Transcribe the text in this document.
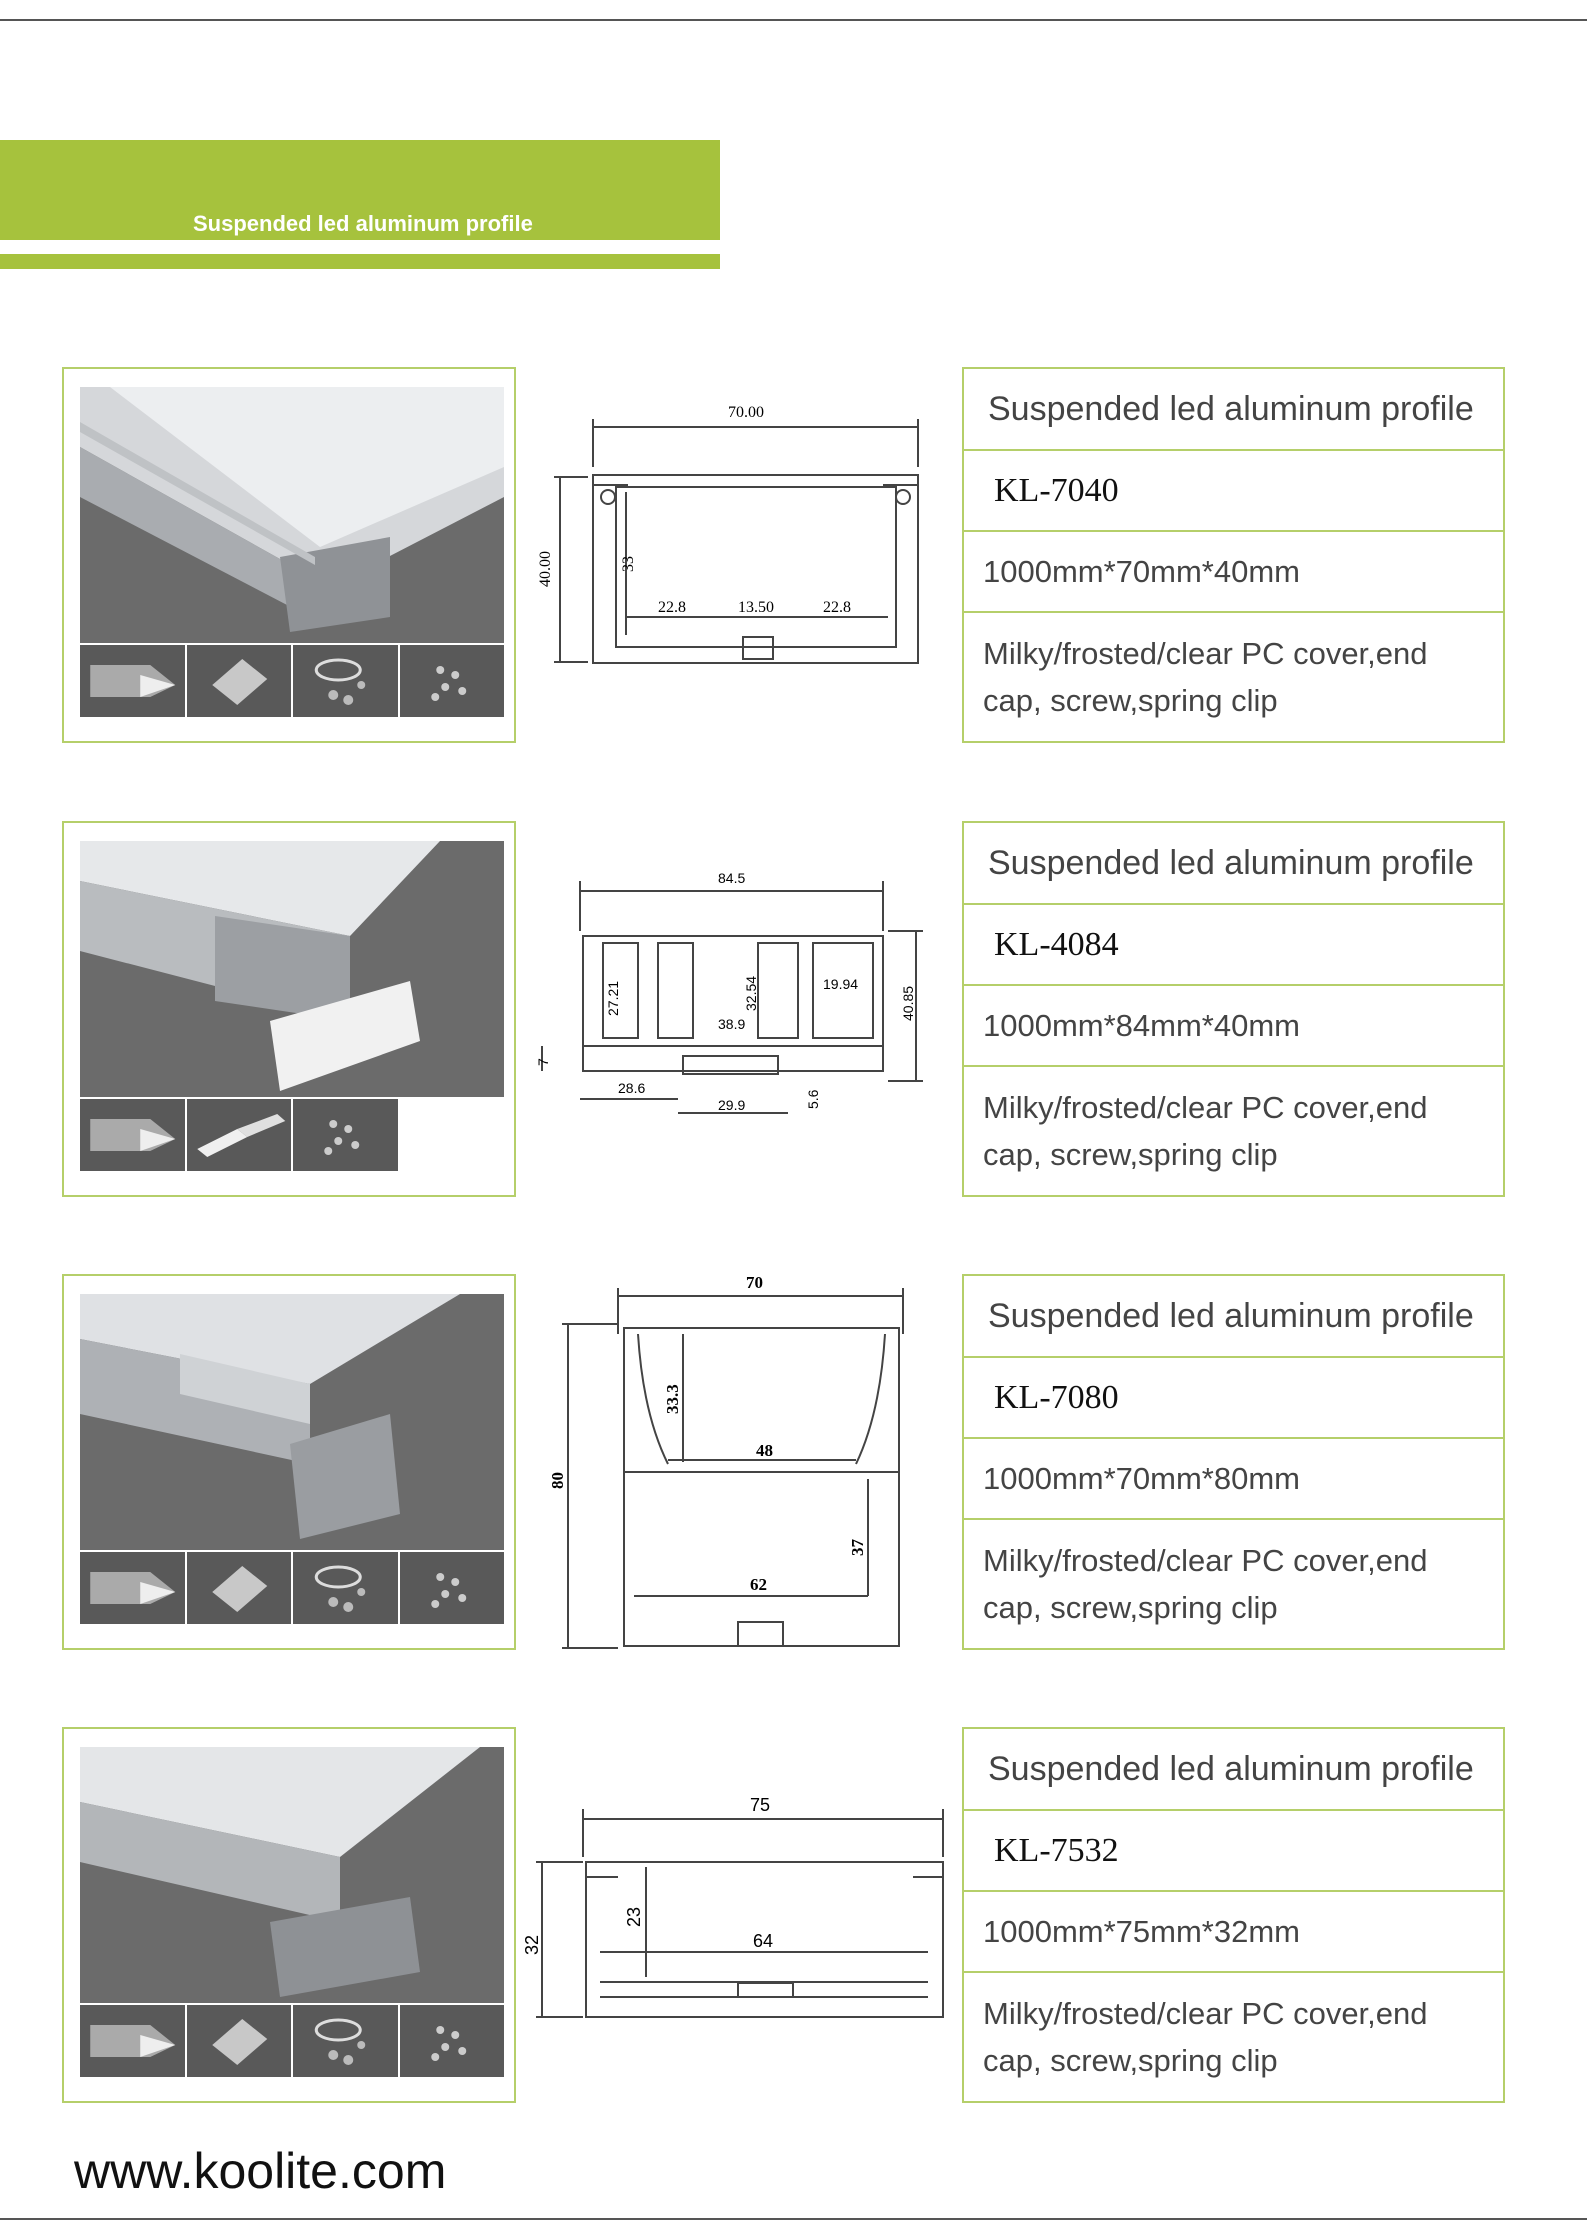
Suspended led aluminum profile
70.00
40.00	33
22.8	13.50	22.8
Suspended led aluminum profile
KL-7040
1000mm*70mm*40mm
Milky/frosted/clear PC cover,end cap, screw,spring clip
84.5
40.85
27.21	32.54	19.94
38.9
7
28.6
29.9	5.6
Suspended led aluminum profile
KL-4084
1000mm*84mm*40mm
Milky/frosted/clear PC cover,end cap, screw,spring clip
70
80
33.3
48
37
62
Suspended led aluminum profile
KL-7080
1000mm*70mm*80mm
Milky/frosted/clear PC cover,end cap, screw,spring clip
75
32
23
64
Suspended led aluminum profile
KL-7532
1000mm*75mm*32mm
Milky/frosted/clear PC cover,end cap, screw,spring clip
www.koolite.com
